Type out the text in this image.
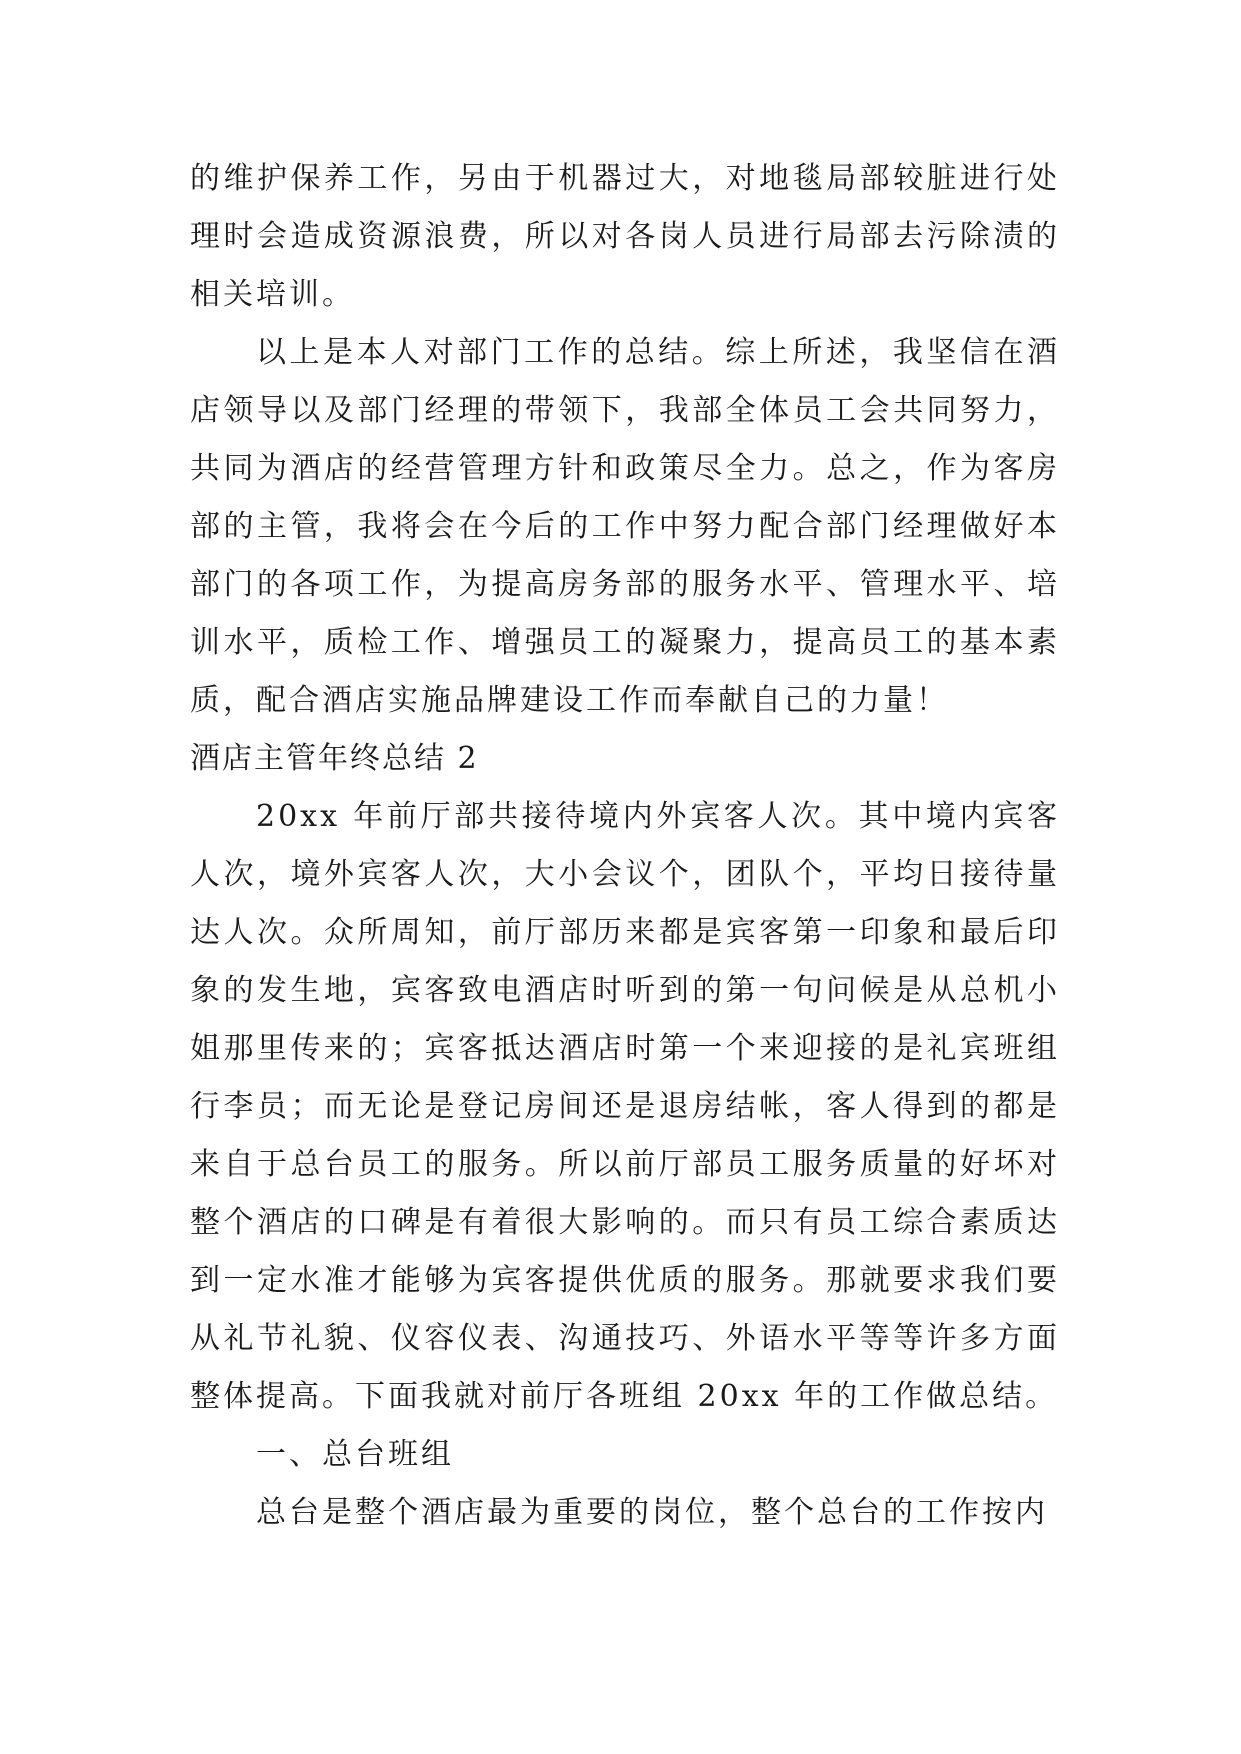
的维护保养工作，另由于机器过大，对地毯局部较脏进行处理时会造成资源浪费，所以对各岗人员进行局部去污除渍的相关培训。

以上是本人对部门工作的总结。综上所述，我坚信在酒店领导以及部门经理的带领下，我部全体员工会共同努力，共同为酒店的经营管理方针和政策尽全力。总之，作为客房部的主管，我将会在今后的工作中努力配合部门经理做好本部门的各项工作，为提高房务部的服务水平、管理水平、培训水平，质检工作、增强员工的凝聚力，提高员工的基本素质，配合酒店实施品牌建设工作而奉献自己的力量！

酒店主管年终总结 2

20xx 年前厅部共接待境内外宾客人次。其中境内宾客人次，境外宾客人次，大小会议个，团队个，平均日接待量达人次。众所周知，前厅部历来都是宾客第一印象和最后印象的发生地，宾客致电酒店时听到的第一句问候是从总机小姐那里传来的；宾客抵达酒店时第一个来迎接的是礼宾班组行李员；而无论是登记房间还是退房结帐，客人得到的都是来自于总台员工的服务。所以前厅部员工服务质量的好坏对整个酒店的口碑是有着很大影响的。而只有员工综合素质达到一定水准才能够为宾客提供优质的服务。那就要求我们要从礼节礼貌、仪容仪表、沟通技巧、外语水平等等许多方面整体提高。下面我就对前厅各班组 20xx 年的工作做总结。

一、总台班组

总台是整个酒店最为重要的岗位，整个总台的工作按内
